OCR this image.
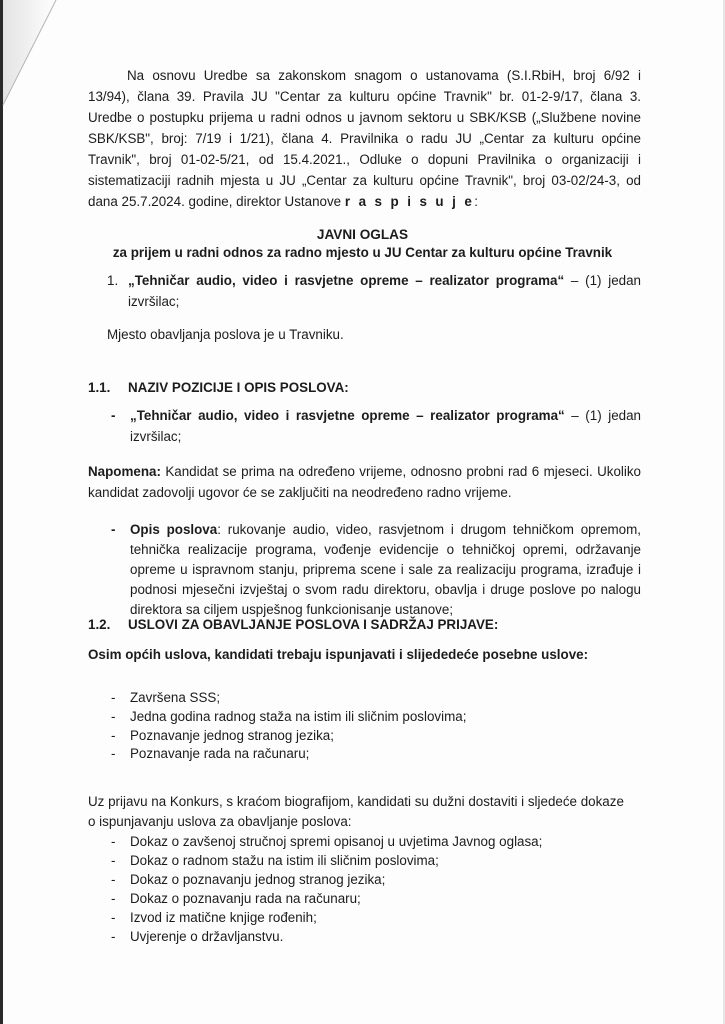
Na osnovu Uredbe sa zakonskom snagom o ustanovama (S.I.RbiH, broj 6/92 i
13/94), člana 39. Pravila JU "Centar za kulturu općine Travnik" br. 01-2-9/17, člana 3.
Uredbe o postupku prijema u radni odnos u javnom sektoru u SBK/KSB („Službene novine
SBK/KSB", broj: 7/19 i 1/21), člana 4. Pravilnika o radu JU „Centar za kulturu općine
Travnik", broj 01-02-5/21, od 15.4.2021., Odluke o dopuni Pravilnika o organizaciji i
sistematizaciji radnih mjesta u JU „Centar za kulturu općine Travnik", broj 03-02/24-3, od
dana 25.7.2024. godine, direktor Ustanove r a s p i s u j e:
JAVNI OGLAS
za prijem u radni odnos za radno mjesto u JU Centar za kulturu općine Travnik
1. „Tehničar audio, video i rasvjetne opreme – realizator programa“ – (1) jedan
izvršilac;
Mjesto obavljanja poslova je u Travniku.
1.1. NAZIV POZICIJE I OPIS POSLOVA:
- „Tehničar audio, video i rasvjetne opreme – realizator programa“ – (1) jedan
izvršilac;
Napomena: Kandidat se prima na određeno vrijeme, odnosno probni rad 6 mjeseci. Ukoliko
kandidat zadovolji ugovor će se zaključiti na neodređeno radno vrijeme.
- Opis poslova: rukovanje audio, video, rasvjetnom i drugom tehničkom opremom,
tehnička realizacije programa, vođenje evidencije o tehničkoj opremi, održavanje
opreme u ispravnom stanju, priprema scene i sale za realizaciju programa, izrađuje i
podnosi mjesečni izvještaj o svom radu direktoru, obavlja i druge poslove po nalogu
direktora sa ciljem uspješnog funkcionisanje ustanove;
1.2. USLOVI ZA OBAVLJANJE POSLOVA I SADRŽAJ PRIJAVE:
Osim općih uslova, kandidati trebaju ispunjavati i slijededeće posebne uslove:
- Završena SSS;
- Jedna godina radnog staža na istim ili sličnim poslovima;
- Poznavanje jednog stranog jezika;
- Poznavanje rada na računaru;
Uz prijavu na Konkurs, s kraćom biografijom, kandidati su dužni dostaviti i sljedeće dokaze
o ispunjavanju uslova za obavljanje poslova:
- Dokaz o zavšenoj stručnoj spremi opisanoj u uvjetima Javnog oglasa;
- Dokaz o radnom stažu na istim ili sličnim poslovima;
- Dokaz o poznavanju jednog stranog jezika;
- Dokaz o poznavanju rada na računaru;
- Izvod iz matične knjige rođenih;
- Uvjerenje o državljanstvu.
